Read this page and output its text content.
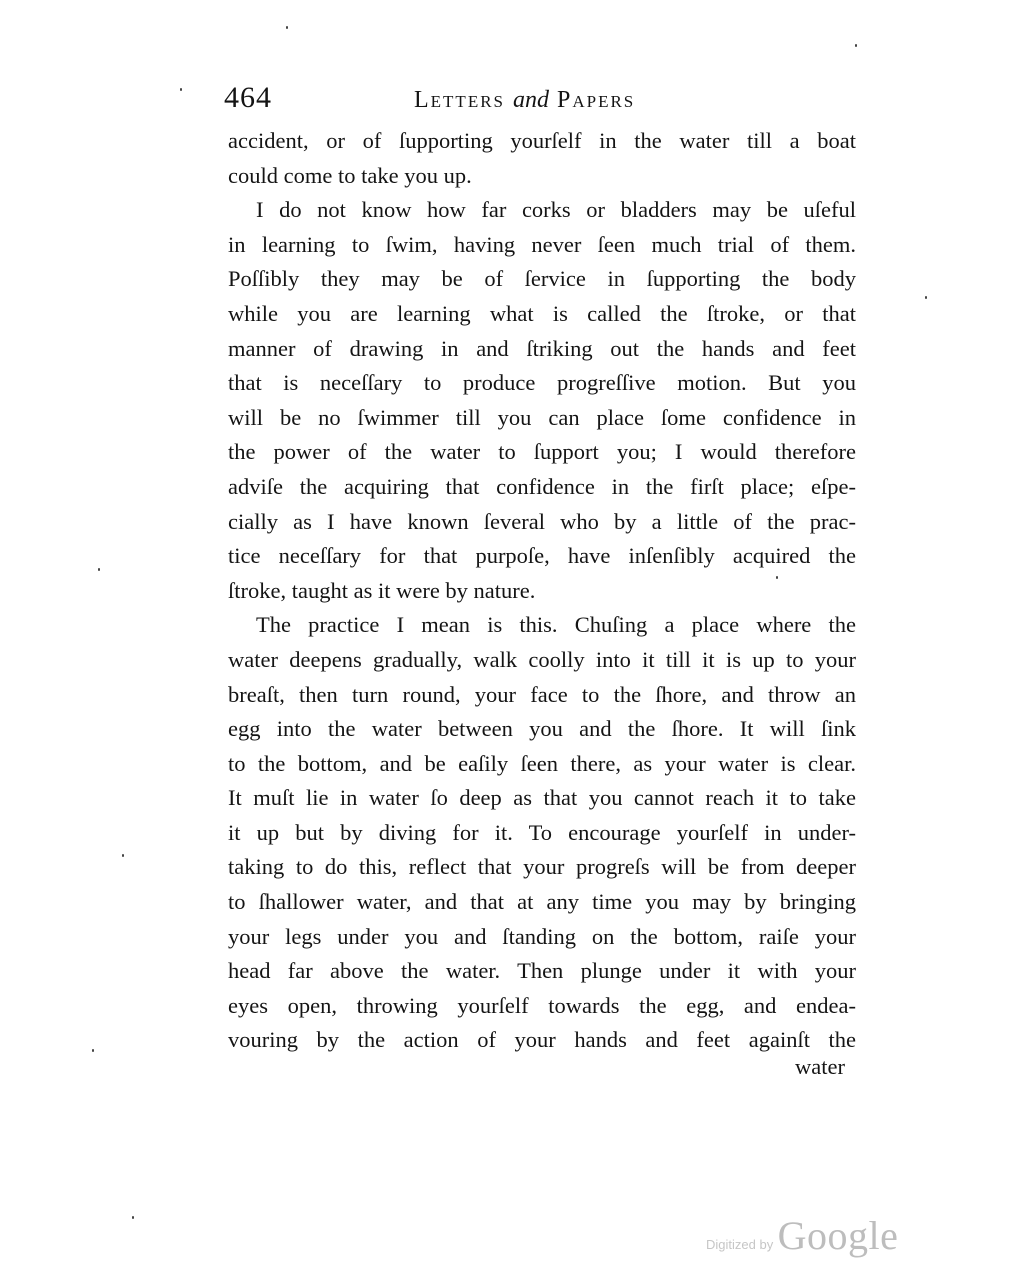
464	Letters and Papers
accident, or of ſupporting yourſelf in the water till a boat
could come to take you up.
I do not know how far corks or bladders may be uſeful
in learning to ſwim, having never ſeen much trial of them.
Poſſibly they may be of ſervice in ſupporting the body
while you are learning what is called the ſtroke, or that
manner of drawing in and ſtriking out the hands and feet
that is neceſſary to produce progreſſive motion. But you
will be no ſwimmer till you can place ſome confidence in
the power of the water to ſupport you; I would therefore
adviſe the acquiring that confidence in the firſt place; eſpe-
cially as I have known ſeveral who by a little of the prac-
tice neceſſary for that purpoſe, have inſenſibly acquired the
ſtroke, taught as it were by nature.
The practice I mean is this. Chuſing a place where the
water deepens gradually, walk coolly into it till it is up to your
breaſt, then turn round, your face to the ſhore, and throw an
egg into the water between you and the ſhore. It will ſink
to the bottom, and be eaſily ſeen there, as your water is clear.
It muſt lie in water ſo deep as that you cannot reach it to take
it up but by diving for it. To encourage yourſelf in under-
taking to do this, reflect that your progreſs will be from deeper
to ſhallower water, and that at any time you may by bringing
your legs under you and ſtanding on the bottom, raiſe your
head far above the water. Then plunge under it with your
eyes open, throwing yourſelf towards the egg, and endea-
vouring by the action of your hands and feet againſt the
water
Digitized by Google
